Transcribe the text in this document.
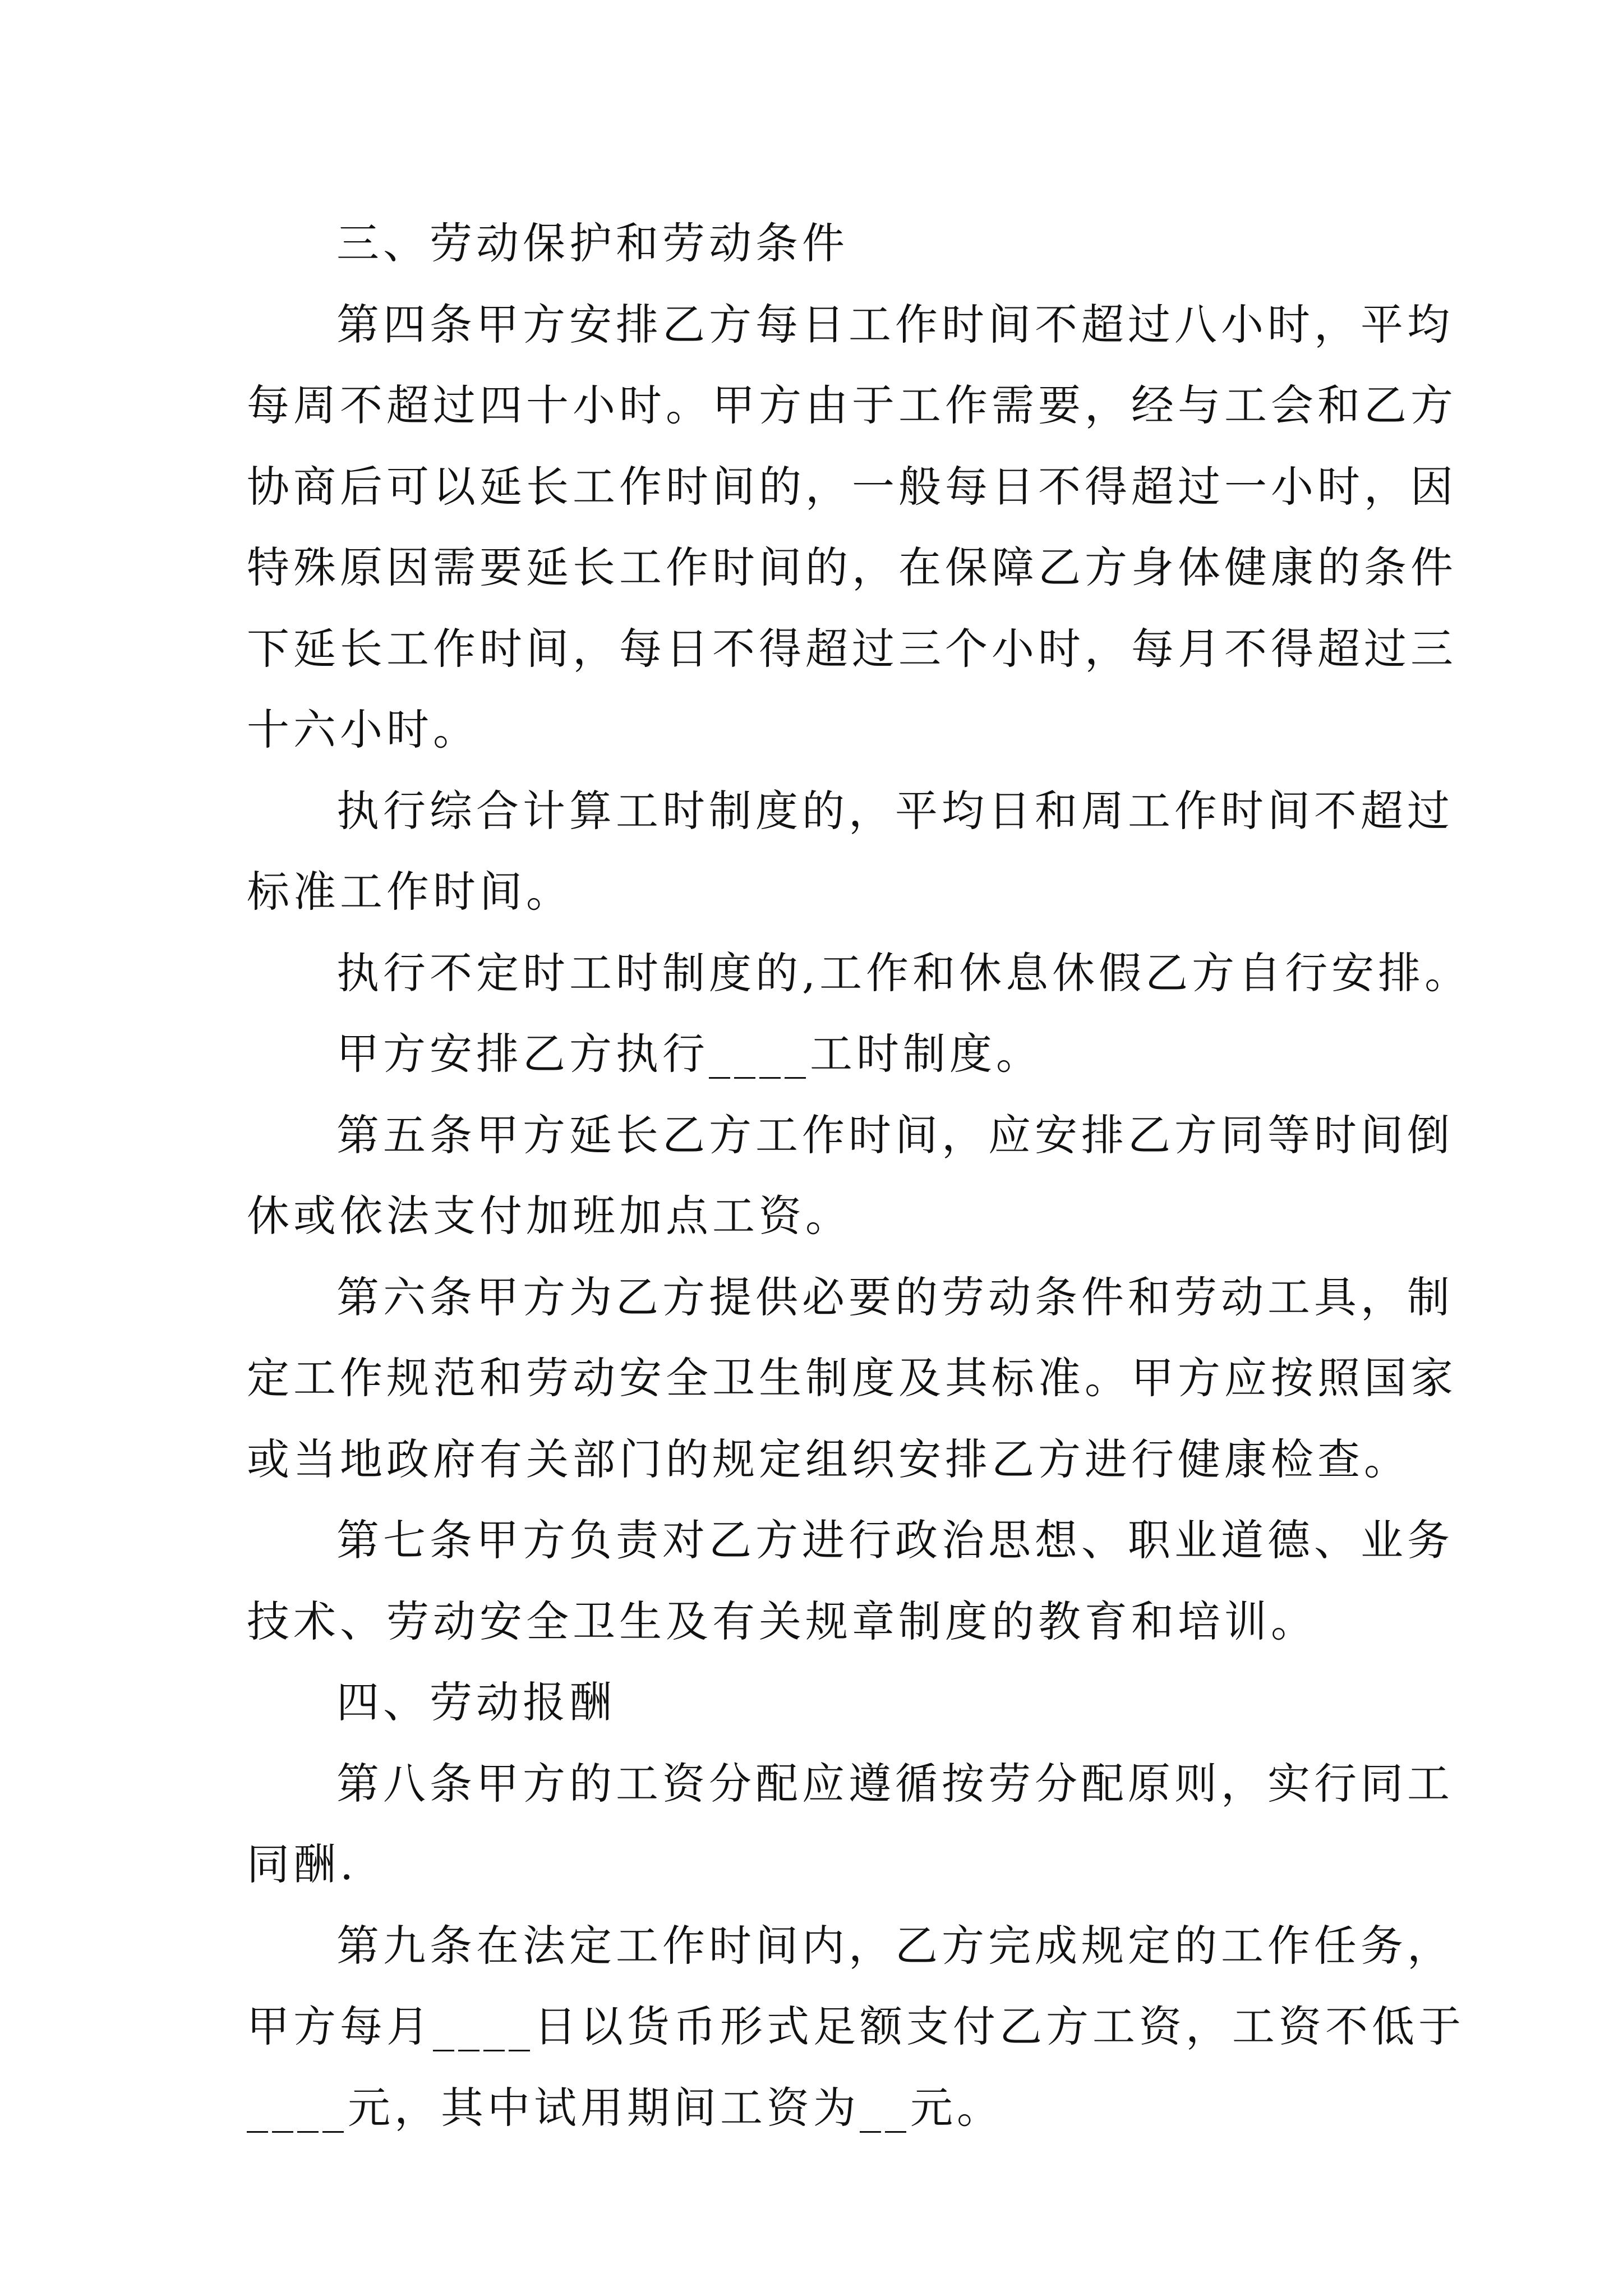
三、劳动保护和劳动条件
第四条甲方安排乙方每日工作时间不超过八小时，平均
每周不超过四十小时。甲方由于工作需要，经与工会和乙方
协商后可以延长工作时间的，一般每日不得超过一小时，因
特殊原因需要延长工作时间的，在保障乙方身体健康的条件
下延长工作时间，每日不得超过三个小时，每月不得超过三
十六小时。
执行综合计算工时制度的，平均日和周工作时间不超过
标准工作时间。
执行不定时工时制度的,工作和休息休假乙方自行安排。
甲方安排乙方执行____工时制度。
第五条甲方延长乙方工作时间，应安排乙方同等时间倒
休或依法支付加班加点工资。
第六条甲方为乙方提供必要的劳动条件和劳动工具，制
定工作规范和劳动安全卫生制度及其标准。甲方应按照国家
或当地政府有关部门的规定组织安排乙方进行健康检查。
第七条甲方负责对乙方进行政治思想、职业道德、业务
技术、劳动安全卫生及有关规章制度的教育和培训。
四、劳动报酬
第八条甲方的工资分配应遵循按劳分配原则，实行同工
同酬.
第九条在法定工作时间内，乙方完成规定的工作任务，
甲方每月____日以货币形式足额支付乙方工资，工资不低于
____元，其中试用期间工资为__元。
